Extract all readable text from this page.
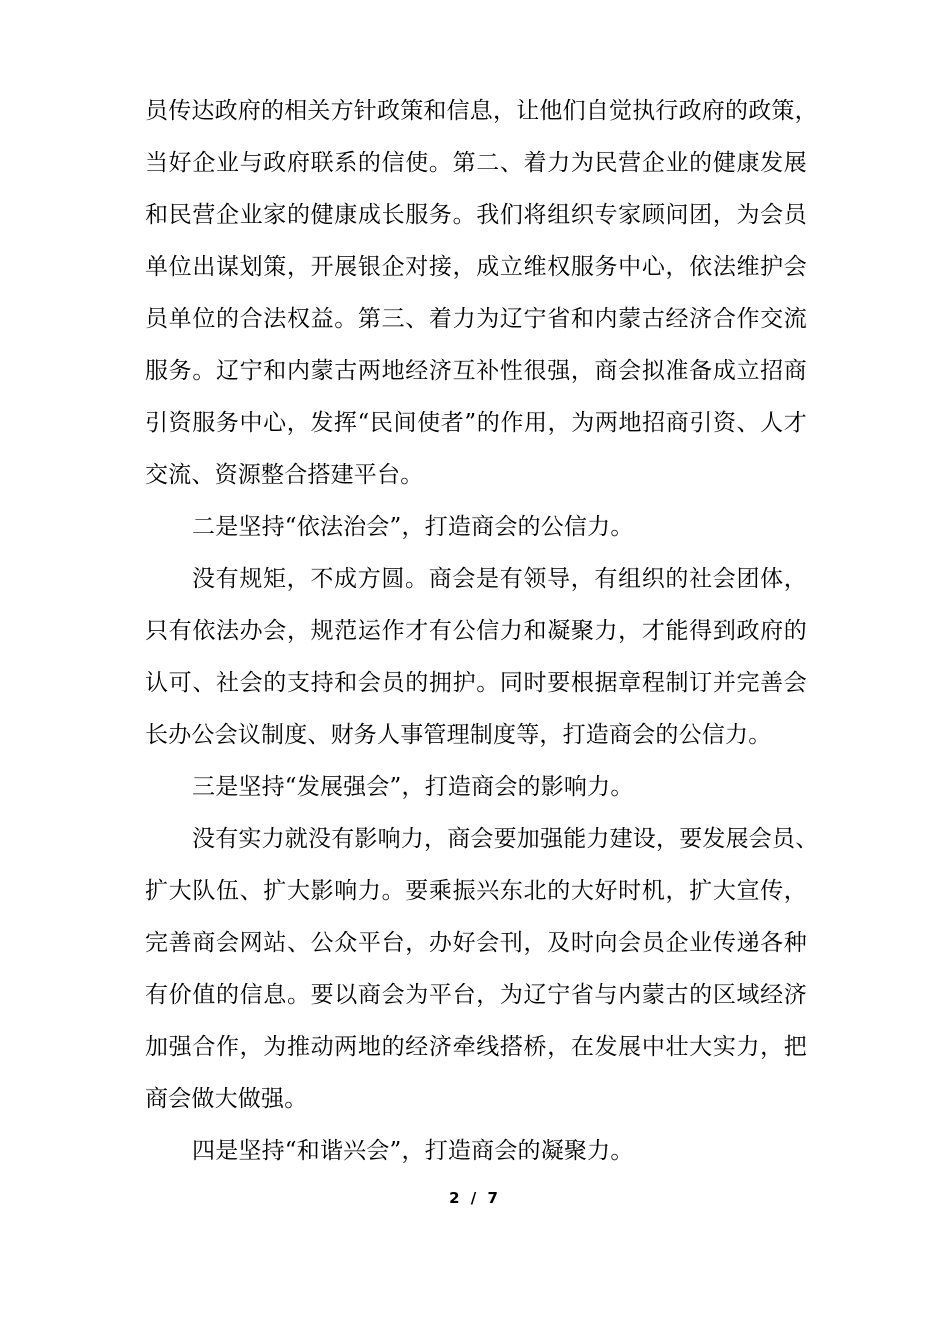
员传达政府的相关方针政策和信息，让他们自觉执行政府的政策，
当好企业与政府联系的信使。第二、着力为民营企业的健康发展
和民营企业家的健康成长服务。我们将组织专家顾问团，为会员
单位出谋划策，开展银企对接，成立维权服务中心，依法维护会
员单位的合法权益。第三、着力为辽宁省和内蒙古经济合作交流
服务。辽宁和内蒙古两地经济互补性很强，商会拟准备成立招商
引资服务中心，发挥“民间使者”的作用，为两地招商引资、人才
交流、资源整合搭建平台。
二是坚持“依法治会”，打造商会的公信力。
没有规矩，不成方圆。商会是有领导，有组织的社会团体，
只有依法办会，规范运作才有公信力和凝聚力，才能得到政府的
认可、社会的支持和会员的拥护。同时要根据章程制订并完善会
长办公会议制度、财务人事管理制度等，打造商会的公信力。
三是坚持“发展强会”，打造商会的影响力。
没有实力就没有影响力，商会要加强能力建设，要发展会员、
扩大队伍、扩大影响力。要乘振兴东北的大好时机，扩大宣传，
完善商会网站、公众平台，办好会刊，及时向会员企业传递各种
有价值的信息。要以商会为平台，为辽宁省与内蒙古的区域经济
加强合作，为推动两地的经济牵线搭桥，在发展中壮大实力，把
商会做大做强。
四是坚持“和谐兴会”，打造商会的凝聚力。
2 / 7
